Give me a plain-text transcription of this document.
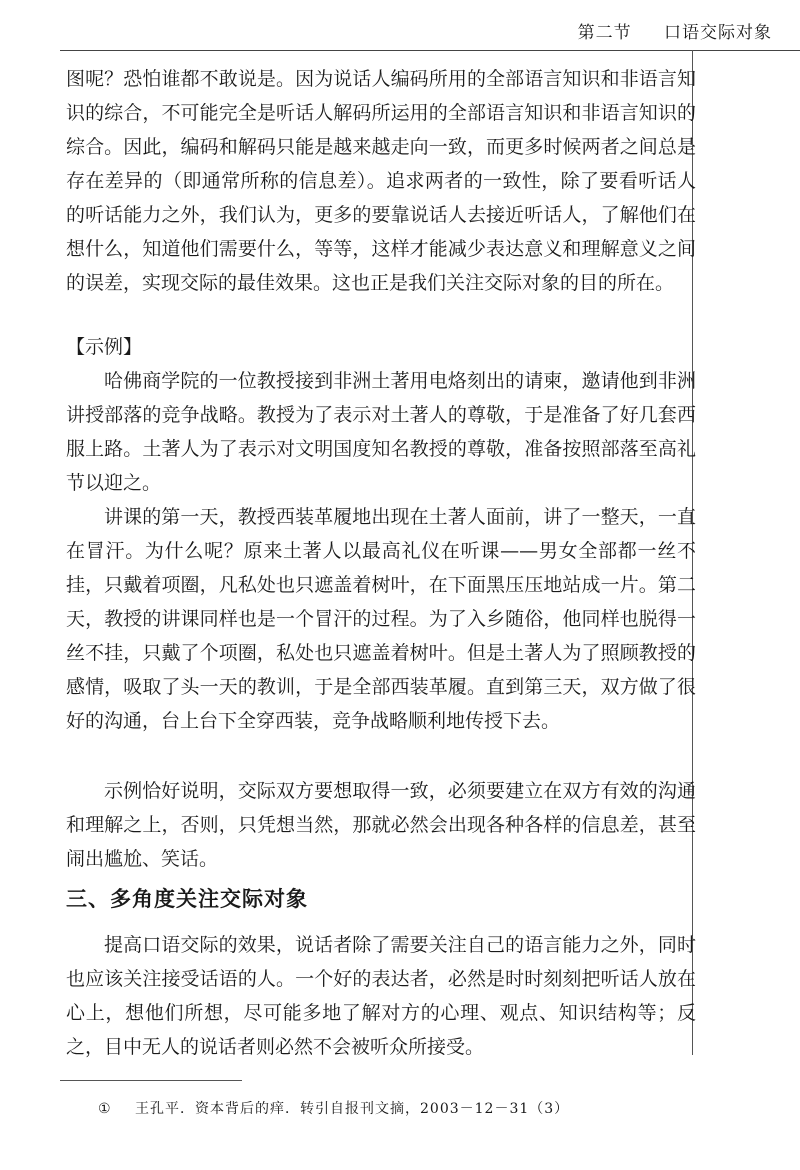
第二节 口语交际对象

图呢？恐怕谁都不敢说是。因为说话人编码所用的全部语言知识和非语言知识的综合，不可能完全是听话人解码所运用的全部语言知识和非语言知识的综合。因此，编码和解码只能是越来越走向一致，而更多时候两者之间总是存在差异的（即通常所称的信息差）。追求两者的一致性，除了要看听话人的听话能力之外，我们认为，更多的要靠说话人去接近听话人，了解他们在想什么，知道他们需要什么，等等，这样才能减少表达意义和理解意义之间的误差，实现交际的最佳效果。这也正是我们关注交际对象的目的所在。

【示例】

哈佛商学院的一位教授接到非洲土著用电烙刻出的请柬，邀请他到非洲讲授部落的竞争战略。教授为了表示对土著人的尊敬，于是准备了好几套西服上路。土著人为了表示对文明国度知名教授的尊敬，准备按照部落至高礼节以迎之。

讲课的第一天，教授西装革履地出现在土著人面前，讲了一整天，一直在冒汗。为什么呢？原来土著人以最高礼仪在听课——男女全部都一丝不挂，只戴着项圈，凡私处也只遮盖着树叶，在下面黑压压地站成一片。第二天，教授的讲课同样也是一个冒汗的过程。为了入乡随俗，他同样也脱得一丝不挂，只戴了个项圈，私处也只遮盖着树叶。但是土著人为了照顾教授的感情，吸取了头一天的教训，于是全部西装革履。直到第三天，双方做了很好的沟通，台上台下全穿西装，竞争战略顺利地传授下去。

示例恰好说明，交际双方要想取得一致，必须要建立在双方有效的沟通和理解之上，否则，只凭想当然，那就必然会出现各种各样的信息差，甚至闹出尴尬、笑话。

三、多角度关注交际对象

提高口语交际的效果，说话者除了需要关注自己的语言能力之外，同时也应该关注接受话语的人。一个好的表达者，必然是时时刻刻把听话人放在心上，想他们所想，尽可能多地了解对方的心理、观点、知识结构等；反之，目中无人的说话者则必然不会被听众所接受。

① 王孔平．资本背后的痒．转引自报刊文摘，2003－12－31（3）
